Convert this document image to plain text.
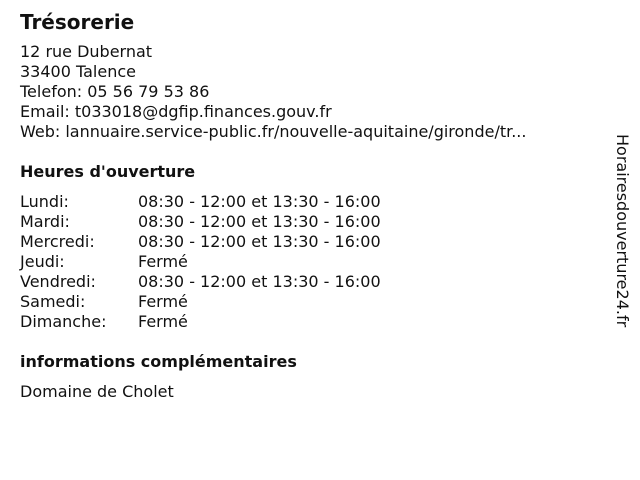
Trésorerie
12 rue Dubernat
33400 Talence
Telefon: 05 56 79 53 86
Email: t033018@dgfip.finances.gouv.fr
Web: lannuaire.service-public.fr/nouvelle-aquitaine/gironde/tr...
Heures d'ouverture
Lundi:	08:30 - 12:00 et 13:30 - 16:00
Mardi:	08:30 - 12:00 et 13:30 - 16:00
Mercredi:	08:30 - 12:00 et 13:30 - 16:00
Jeudi:	Fermé
Vendredi:	08:30 - 12:00 et 13:30 - 16:00
Samedi:	Fermé
Dimanche:	Fermé
informations complémentaires
Domaine de Cholet
Horairesdouverture24.fr
